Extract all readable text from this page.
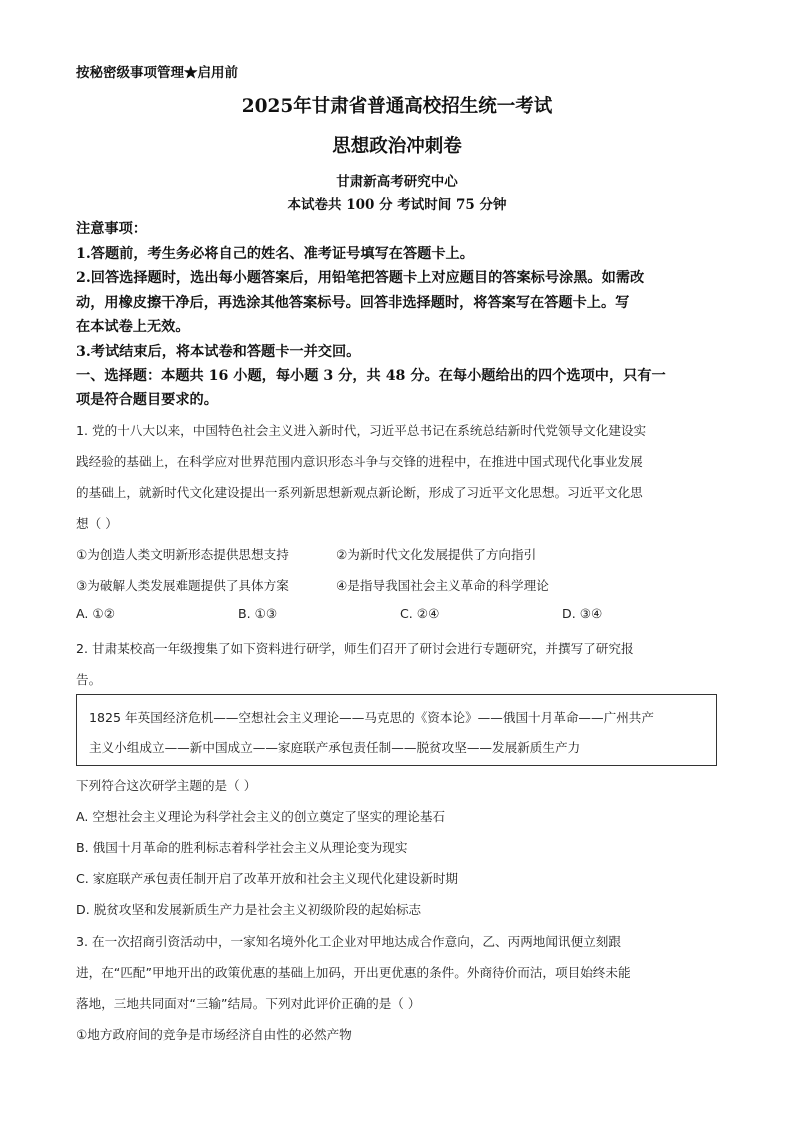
按秘密级事项管理★启用前
2025年甘肃省普通高校招生统一考试
思想政治冲刺卷
甘肃新高考研究中心
本试卷共 100 分 考试时间 75 分钟
注意事项：
1.答题前，考生务必将自己的姓名、准考证号填写在答题卡上。
2.回答选择题时，选出每小题答案后，用铅笔把答题卡上对应题目的答案标号涂黑。如需改
动，用橡皮擦干净后，再选涂其他答案标号。回答非选择题时，将答案写在答题卡上。写
在本试卷上无效。
3.考试结束后，将本试卷和答题卡一并交回。
一、选择题：本题共 16 小题，每小题 3 分，共 48 分。在每小题给出的四个选项中，只有一
项是符合题目要求的。
1. 党的十八大以来，中国特色社会主义进入新时代，习近平总书记在系统总结新时代党领导文化建设实
践经验的基础上，在科学应对世界范围内意识形态斗争与交锋的进程中，在推进中国式现代化事业发展
的基础上，就新时代文化建设提出一系列新思想新观点新论断，形成了习近平文化思想。习近平文化思
想（ ）
①为创造人类文明新形态提供思想支持	②为新时代文化发展提供了方向指引
③为破解人类发展难题提供了具体方案	④是指导我国社会主义革命的科学理论
A. ①②	B. ①③	C. ②④	D. ③④
2. 甘肃某校高一年级搜集了如下资料进行研学，师生们召开了研讨会进行专题研究，并撰写了研究报
告。
1825 年英国经济危机——空想社会主义理论——马克思的《资本论》——俄国十月革命——广州共产
主义小组成立——新中国成立——家庭联产承包责任制——脱贫攻坚——发展新质生产力
下列符合这次研学主题的是（ ）
A. 空想社会主义理论为科学社会主义的创立奠定了坚实的理论基石
B. 俄国十月革命的胜利标志着科学社会主义从理论变为现实
C. 家庭联产承包责任制开启了改革开放和社会主义现代化建设新时期
D. 脱贫攻坚和发展新质生产力是社会主义初级阶段的起始标志
3. 在一次招商引资活动中，一家知名境外化工企业对甲地达成合作意向，乙、丙两地闻讯便立刻跟
进，在“匹配”甲地开出的政策优惠的基础上加码，开出更优惠的条件。外商待价而沽，项目始终未能
落地，三地共同面对“三输”结局。下列对此评价正确的是（ ）
①地方政府间的竞争是市场经济自由性的必然产物
